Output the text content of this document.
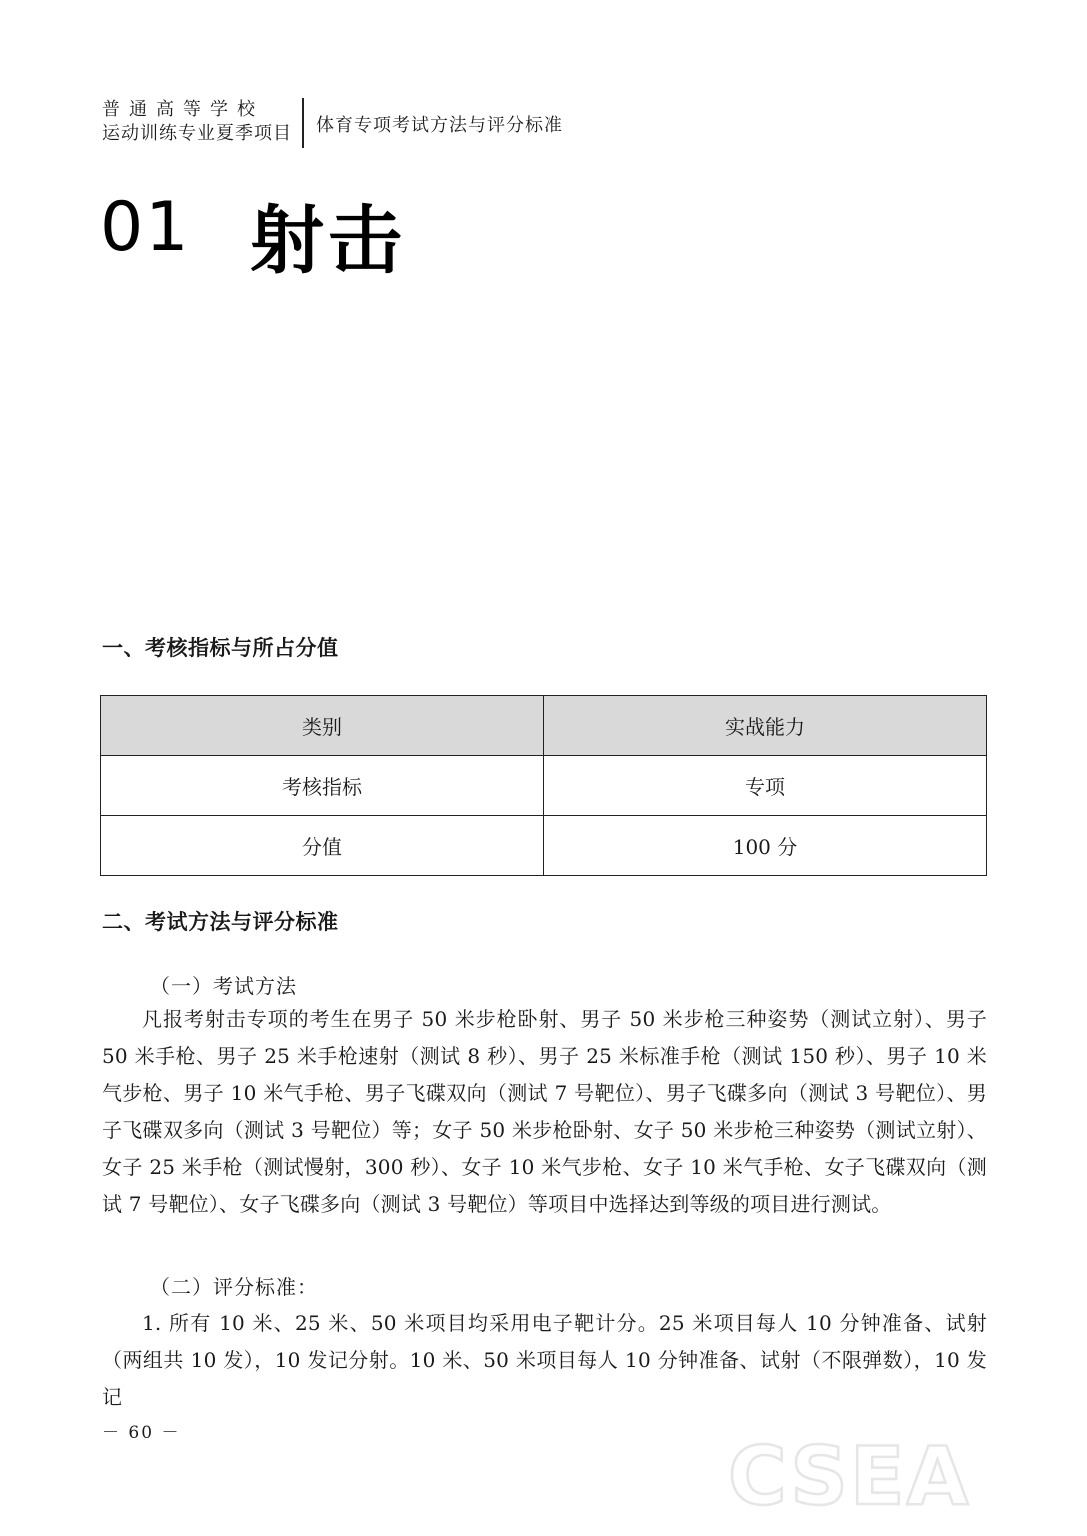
普通高等学校
运动训练专业夏季项目 体育专项考试方法与评分标准
01 射击
一、考核指标与所占分值
类别	实战能力
考核指标	专项
分值	100 分
二、考试方法与评分标准
（一）考试方法
凡报考射击专项的考生在男子 50 米步枪卧射、男子 50 米步枪三种姿势（测试立射）、男子 50 米手枪、男子 25 米手枪速射（测试 8 秒）、男子 25 米标准手枪（测试 150 秒）、男子 10 米气步枪、男子 10 米气手枪、男子飞碟双向（测试 7 号靶位）、男子飞碟多向（测试 3 号靶位）、男子飞碟双多向（测试 3 号靶位）等；女子 50 米步枪卧射、女子 50 米步枪三种姿势（测试立射）、女子 25 米手枪（测试慢射，300 秒）、女子 10 米气步枪、女子 10 米气手枪、女子飞碟双向（测试 7 号靶位）、女子飞碟多向（测试 3 号靶位）等项目中选择达到等级的项目进行测试。
（二）评分标准：
1. 所有 10 米、25 米、50 米项目均采用电子靶计分。25 米项目每人 10 分钟准备、试射（两组共 10 发），10 发记分射。10 米、50 米项目每人 10 分钟准备、试射（不限弹数），10 发记
－ 60 －	CSEA
